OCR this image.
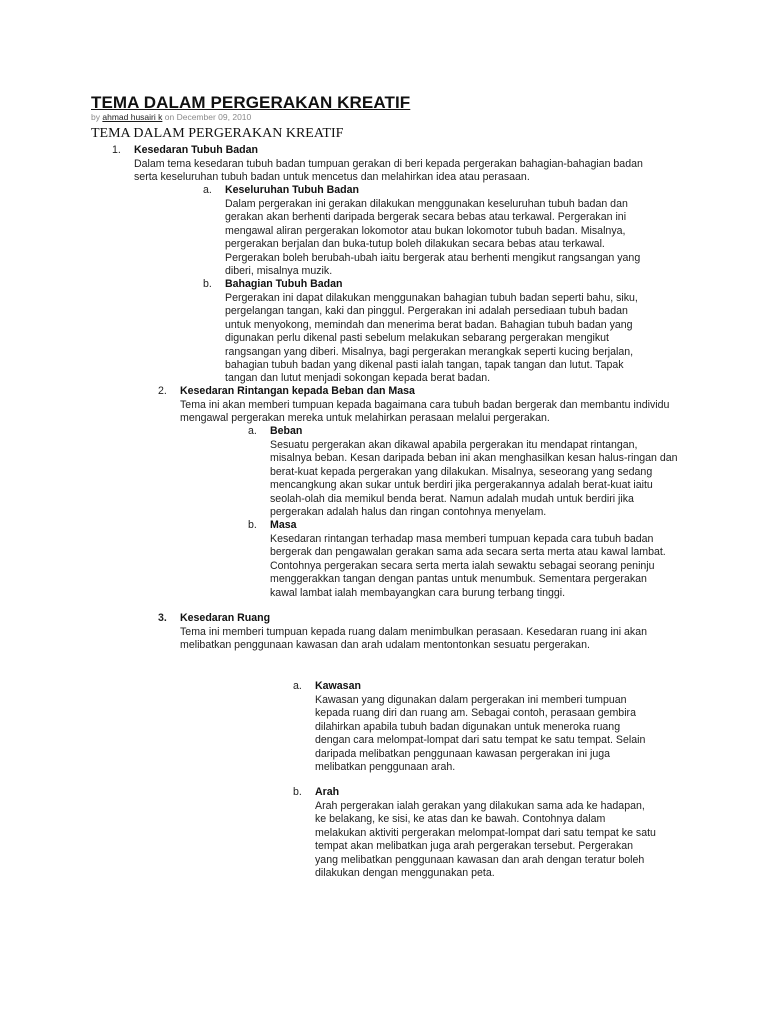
TEMA DALAM PERGERAKAN KREATIF
by ahmad husairi k on December 09, 2010
TEMA DALAM PERGERAKAN KREATIF
1. Kesedaran Tubuh Badan

Dalam tema kesedaran tubuh badan tumpuan gerakan di beri kepada pergerakan bahagian-bahagian badan serta keseluruhan tubuh badan untuk mencetus dan melahirkan idea atau perasaan.

a. Keseluruhan Tubuh Badan

Dalam pergerakan ini gerakan dilakukan menggunakan keseluruhan tubuh badan dan gerakan akan berhenti daripada bergerak secara bebas atau terkawal. Pergerakan ini mengawal aliran pergerakan lokomotor atau bukan lokomotor tubuh badan. Misalnya, pergerakan berjalan dan buka-tutup boleh dilakukan secara bebas atau terkawal. Pergerakan boleh berubah-ubah iaitu bergerak atau berhenti mengikut rangsangan yang diberi, misalnya muzik.

b. Bahagian Tubuh Badan

Pergerakan ini dapat dilakukan menggunakan bahagian tubuh badan seperti bahu, siku, pergelangan tangan, kaki dan pinggul. Pergerakan ini adalah persediaan tubuh badan untuk menyokong, memindah dan menerima berat badan. Bahagian tubuh badan yang digunakan perlu dikenal pasti sebelum melakukan sebarang pergerakan mengikut rangsangan yang diberi. Misalnya, bagi pergerakan merangkak seperti kucing berjalan, bahagian tubuh badan yang dikenal pasti ialah tangan, tapak tangan dan lutut. Tapak tangan dan lutut menjadi sokongan kepada berat badan.

2. Kesedaran Rintangan kepada Beban dan Masa

Tema ini akan memberi tumpuan kepada bagaimana cara tubuh badan bergerak dan membantu individu mengawal pergerakan mereka untuk melahirkan perasaan melalui pergerakan.

a. Beban

Sesuatu pergerakan akan dikawal apabila pergerakan itu mendapat rintangan, misalnya beban. Kesan daripada beban ini akan menghasilkan kesan halus-ringan dan berat-kuat kepada pergerakan yang dilakukan. Misalnya, seseorang yang sedang mencangkung akan sukar untuk berdiri jika pergerakannya adalah berat-kuat iaitu seolah-olah dia memikul benda berat. Namun adalah mudah untuk berdiri jika pergerakan adalah halus dan ringan contohnya menyelam.

b. Masa

Kesedaran rintangan terhadap masa memberi tumpuan kepada cara tubuh badan bergerak dan pengawalan gerakan sama ada secara serta merta atau kawal lambat. Contohnya pergerakan secara serta merta ialah sewaktu sebagai seorang peninju menggerakkan tangan dengan pantas untuk menumbuk. Sementara pergerakan kawal lambat ialah membayangkan cara burung terbang tinggi.

3. Kesedaran Ruang

Tema ini memberi tumpuan kepada ruang dalam menimbulkan perasaan. Kesedaran ruang ini akan melibatkan penggunaan kawasan dan arah udalam mentontonkan sesuatu pergerakan.

a. Kawasan

Kawasan yang digunakan dalam pergerakan ini memberi tumpuan kepada ruang diri dan ruang am. Sebagai contoh, perasaan gembira dilahirkan apabila tubuh badan digunakan untuk meneroka ruang dengan cara melompat-lompat dari satu tempat ke satu tempat. Selain daripada melibatkan penggunaan kawasan pergerakan ini juga melibatkan penggunaan arah.

b. Arah

Arah pergerakan ialah gerakan yang dilakukan sama ada ke hadapan, ke belakang, ke sisi, ke atas dan ke bawah. Contohnya dalam melakukan aktiviti pergerakan melompat-lompat dari satu tempat ke satu tempat akan melibatkan juga arah pergerakan tersebut. Pergerakan yang melibatkan penggunaan kawasan dan arah dengan teratur boleh dilakukan dengan menggunakan peta.
